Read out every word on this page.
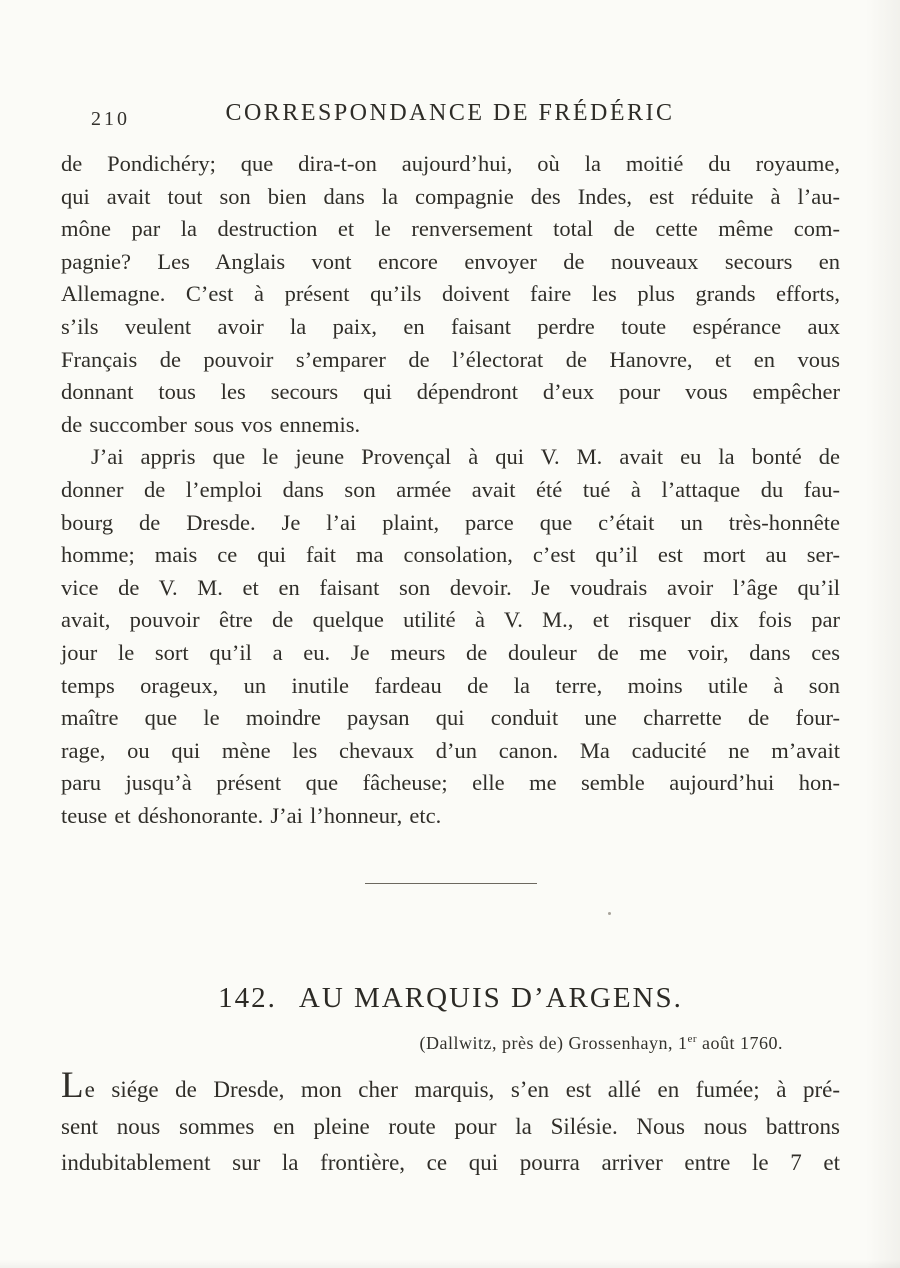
210	CORRESPONDANCE DE FRÉDÉRIC
de Pondichéry; que dira-t-on aujourd’hui, où la moitié du royaume,
qui avait tout son bien dans la compagnie des Indes, est réduite à l’au-
mône par la destruction et le renversement total de cette même com-
pagnie? Les Anglais vont encore envoyer de nouveaux secours en
Allemagne. C’est à présent qu’ils doivent faire les plus grands efforts,
s’ils veulent avoir la paix, en faisant perdre toute espérance aux
Français de pouvoir s’emparer de l’électorat de Hanovre, et en vous
donnant tous les secours qui dépendront d’eux pour vous empêcher
de succomber sous vos ennemis.
J’ai appris que le jeune Provençal à qui V. M. avait eu la bonté de
donner de l’emploi dans son armée avait été tué à l’attaque du fau-
bourg de Dresde. Je l’ai plaint, parce que c’était un très-honnête
homme; mais ce qui fait ma consolation, c’est qu’il est mort au ser-
vice de V. M. et en faisant son devoir. Je voudrais avoir l’âge qu’il
avait, pouvoir être de quelque utilité à V. M., et risquer dix fois par
jour le sort qu’il a eu. Je meurs de douleur de me voir, dans ces
temps orageux, un inutile fardeau de la terre, moins utile à son
maître que le moindre paysan qui conduit une charrette de four-
rage, ou qui mène les chevaux d’un canon. Ma caducité ne m’avait
paru jusqu’à présent que fâcheuse; elle me semble aujourd’hui hon-
teuse et déshonorante. J’ai l’honneur, etc.
142. AU MARQUIS D’ARGENS.
(Dallwitz, près de) Grossenhayn, 1er août 1760.
Le siége de Dresde, mon cher marquis, s’en est allé en fumée; à pré-
sent nous sommes en pleine route pour la Silésie. Nous nous battrons
indubitablement sur la frontière, ce qui pourra arriver entre le 7 et
